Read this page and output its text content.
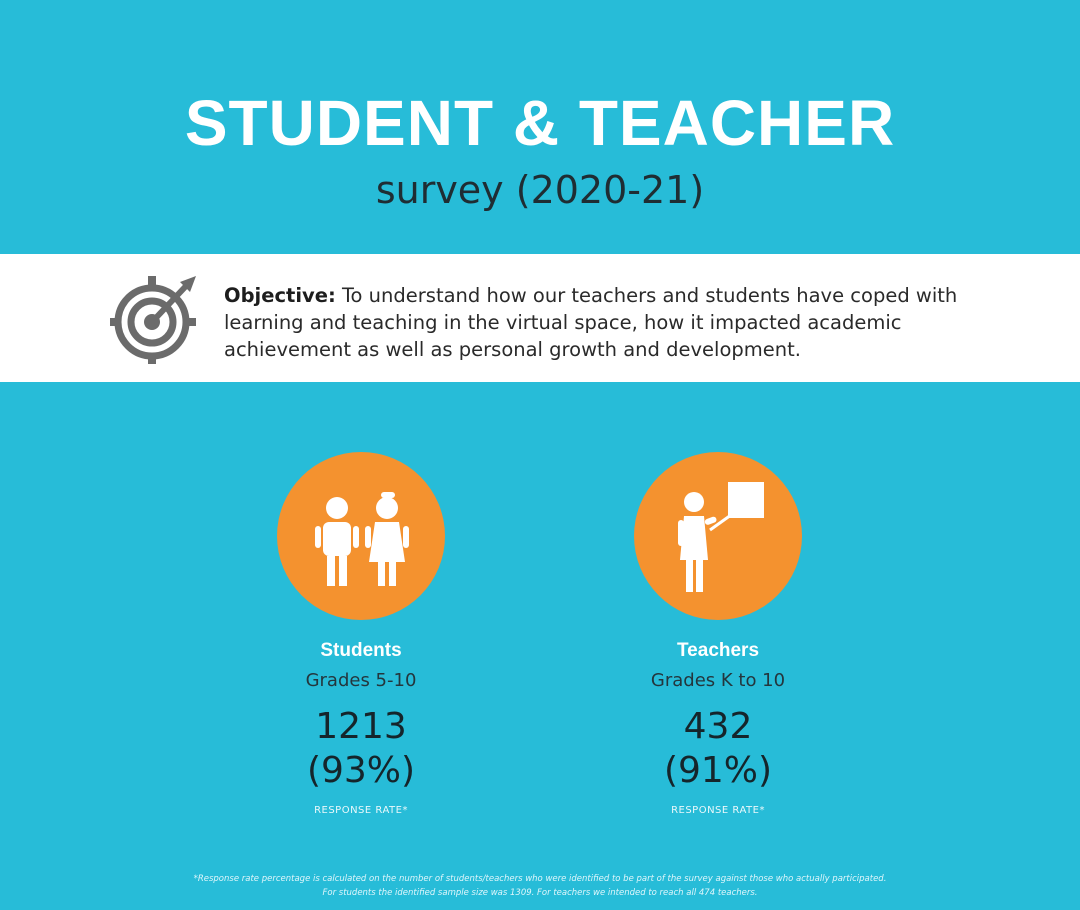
STUDENT & TEACHER
survey (2020-21)
Objective: To understand how our teachers and students have coped with learning and teaching in the virtual space, how it impacted academic achievement as well as personal growth and development.
Students
Grades 5-10
1213
(93%)
RESPONSE RATE*
Teachers
Grades K to 10
432
(91%)
RESPONSE RATE*
*Response rate percentage is calculated on the number of students/teachers who were identified to be part of the survey against those who actually participated.
For students the identified sample size was 1309. For teachers we intended to reach all 474 teachers.
